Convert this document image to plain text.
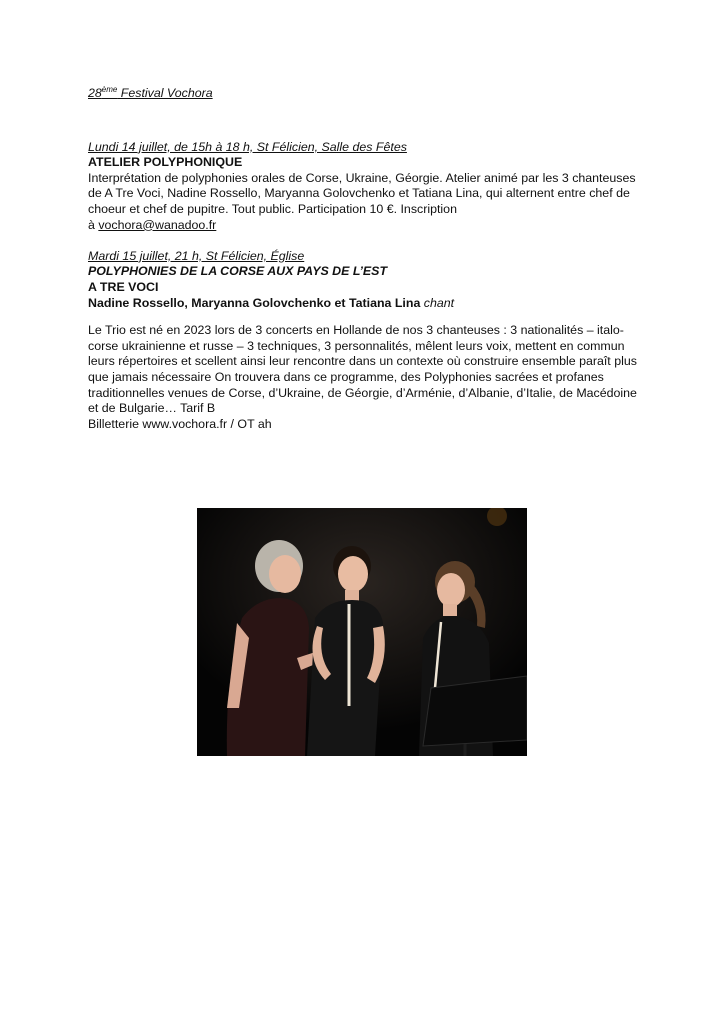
28ème Festival Vochora

Lundi 14 juillet, de 15h à 18 h, St Félicien, Salle des Fêtes

ATELIER POLYPHONIQUE

Interprétation de polyphonies orales de Corse, Ukraine, Géorgie. Atelier animé par les 3 chanteuses de A Tre Voci, Nadine Rossello, Maryanna Golovchenko et Tatiana Lina, qui alternent entre chef de choeur et chef de pupitre. Tout public. Participation 10 €. Inscription
à vochora@wanadoo.fr

Mardi 15 juillet, 21 h, St Félicien, Église

POLYPHONIES DE LA CORSE AUX PAYS DE L’EST

A TRE VOCI

Nadine Rossello, Maryanna Golovchenko et Tatiana Lina chant

Le Trio est né en 2023 lors de 3 concerts en Hollande de nos 3 chanteuses : 3 nationalités – italo-corse ukrainienne et russe – 3 techniques, 3 personnalités, mêlent leurs voix, mettent en commun leurs répertoires et scellent ainsi leur rencontre dans un contexte où construire ensemble paraît plus que jamais nécessaire On trouvera dans ce programme, des Polyphonies sacrées et profanes traditionnelles venues de Corse, d’Ukraine, de Géorgie, d’Arménie, d’Albanie, d’Italie, de Macédoine et de Bulgarie… Tarif B

Billetterie www.vochora.fr / OT ah
